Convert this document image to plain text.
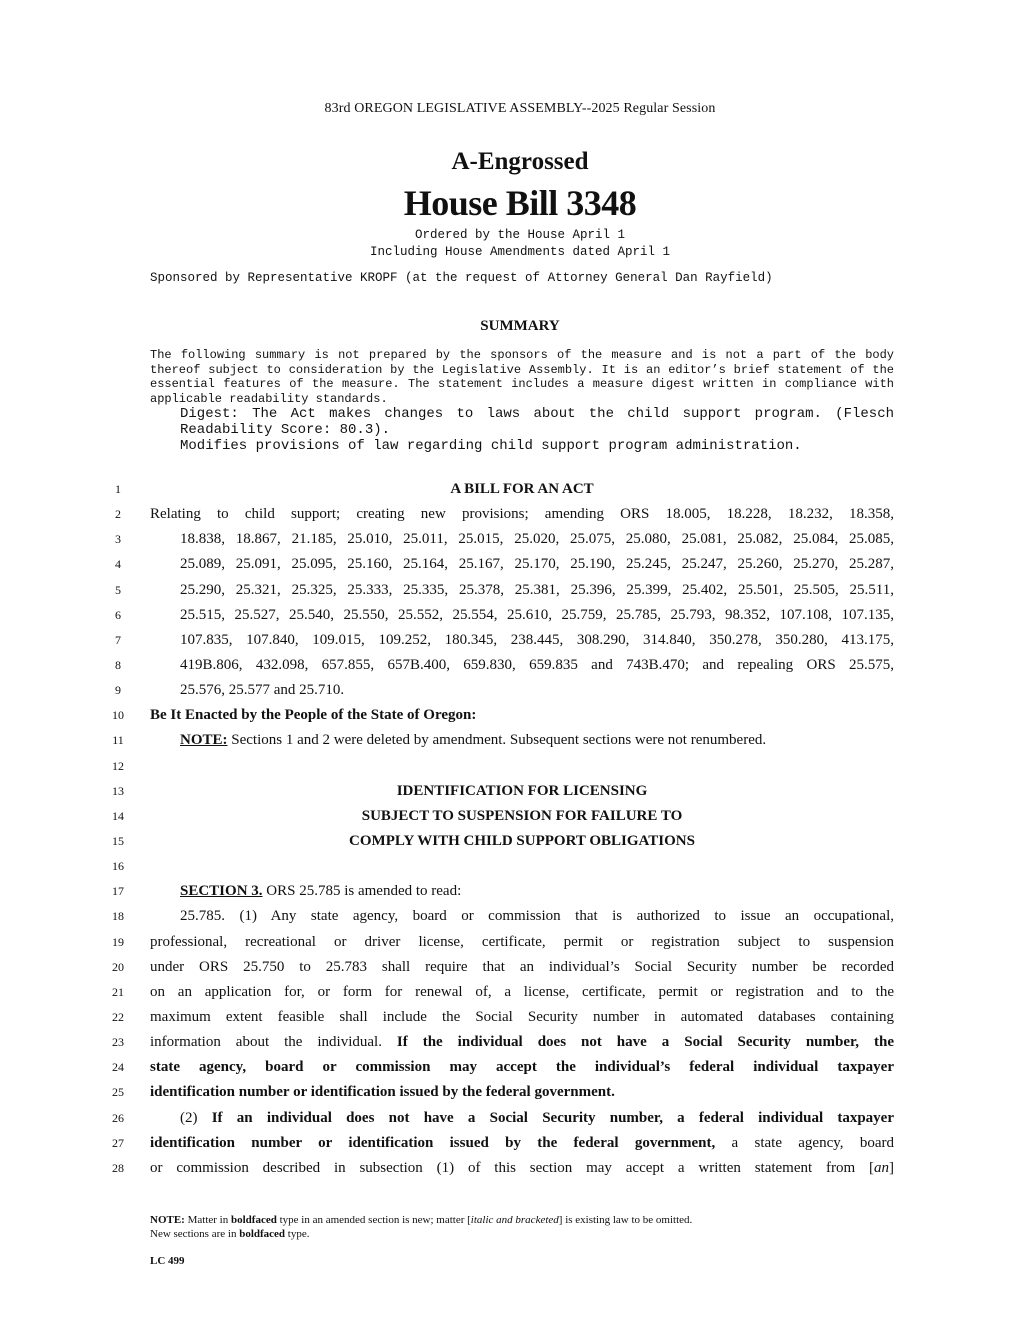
83rd OREGON LEGISLATIVE ASSEMBLY--2025 Regular Session
A-Engrossed
House Bill 3348
Ordered by the House April 1
Including House Amendments dated April 1
Sponsored by Representative KROPF (at the request of Attorney General Dan Rayfield)
SUMMARY
The following summary is not prepared by the sponsors of the measure and is not a part of the body thereof subject to consideration by the Legislative Assembly. It is an editor’s brief statement of the essential features of the measure. The statement includes a measure digest written in compliance with applicable readability standards.
Digest: The Act makes changes to laws about the child support program. (Flesch Readability Score: 80.3).
Modifies provisions of law regarding child support program administration.
1
2
3
4
5
6
7
8
9
10
11
12
13
14
15
16
17
18
19
20
21
22
23
24
25
26
27
28
A BILL FOR AN ACT
Relating to child support; creating new provisions; amending ORS 18.005, 18.228, 18.232, 18.358,
18.838, 18.867, 21.185, 25.010, 25.011, 25.015, 25.020, 25.075, 25.080, 25.081, 25.082, 25.084, 25.085,
25.089, 25.091, 25.095, 25.160, 25.164, 25.167, 25.170, 25.190, 25.245, 25.247, 25.260, 25.270, 25.287,
25.290, 25.321, 25.325, 25.333, 25.335, 25.378, 25.381, 25.396, 25.399, 25.402, 25.501, 25.505, 25.511,
25.515, 25.527, 25.540, 25.550, 25.552, 25.554, 25.610, 25.759, 25.785, 25.793, 98.352, 107.108, 107.135,
107.835, 107.840, 109.015, 109.252, 180.345, 238.445, 308.290, 314.840, 350.278, 350.280, 413.175,
419B.806, 432.098, 657.855, 657B.400, 659.830, 659.835 and 743B.470; and repealing ORS 25.575,
25.576, 25.577 and 25.710.
Be It Enacted by the People of the State of Oregon:
NOTE: Sections 1 and 2 were deleted by amendment. Subsequent sections were not renumbered.
IDENTIFICATION FOR LICENSING
SUBJECT TO SUSPENSION FOR FAILURE TO
COMPLY WITH CHILD SUPPORT OBLIGATIONS
SECTION 3. ORS 25.785 is amended to read:
25.785. (1) Any state agency, board or commission that is authorized to issue an occupational,
professional, recreational or driver license, certificate, permit or registration subject to suspension
under ORS 25.750 to 25.783 shall require that an individual’s Social Security number be recorded
on an application for, or form for renewal of, a license, certificate, permit or registration and to the
maximum extent feasible shall include the Social Security number in automated databases containing
information about the individual. If the individual does not have a Social Security number, the
state agency, board or commission may accept the individual’s federal individual taxpayer
identification number or identification issued by the federal government.
(2) If an individual does not have a Social Security number, a federal individual taxpayer
identification number or identification issued by the federal government, a state agency, board
or commission described in subsection (1) of this section may accept a written statement from [an]
NOTE: Matter in boldfaced type in an amended section is new; matter [italic and bracketed] is existing law to be omitted.
New sections are in boldfaced type.
LC 499
